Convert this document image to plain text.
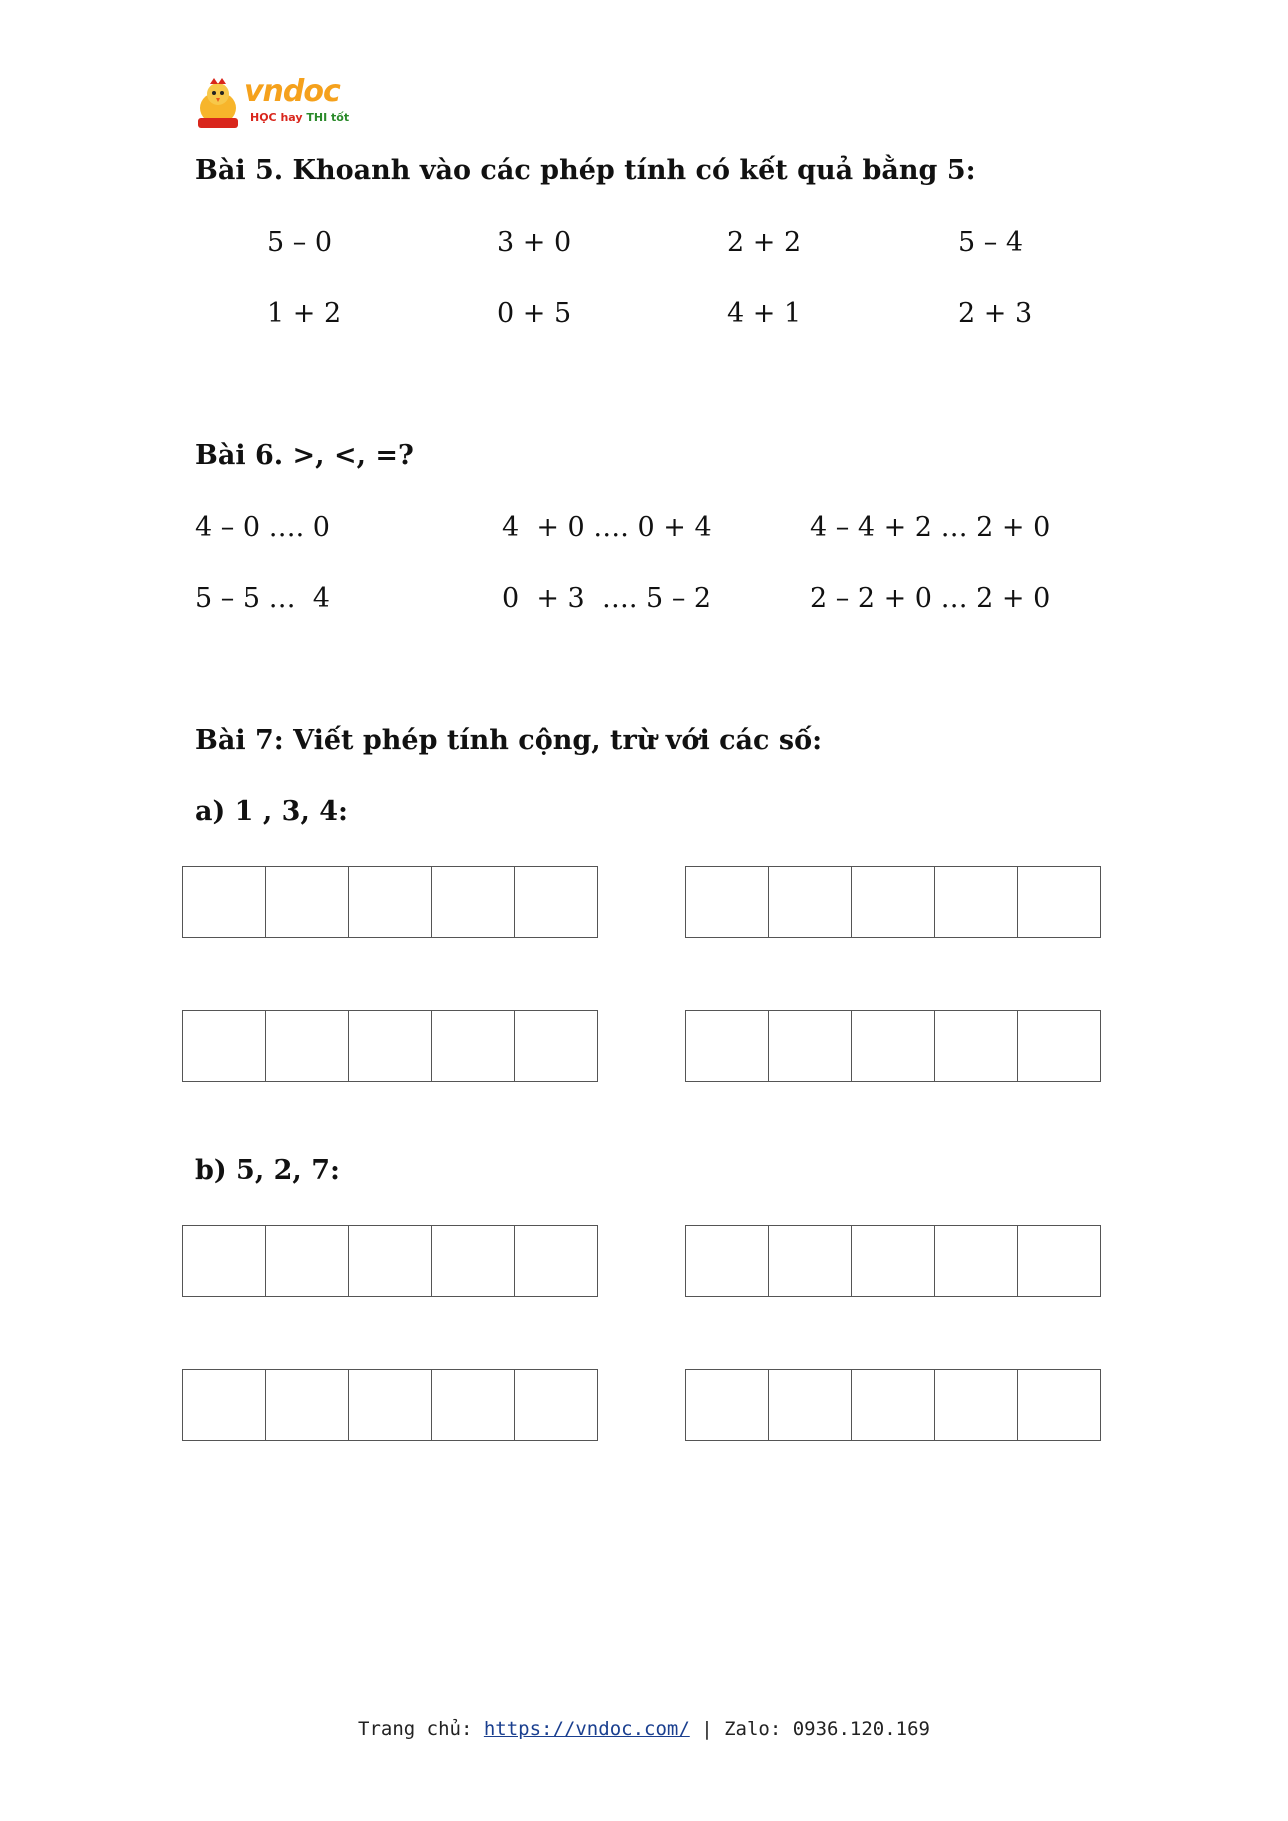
vndoc
HỌC hay THI tốt
Bài 5. Khoanh vào các phép tính có kết quả bằng 5:
5 – 0	3 + 0	2 + 2	5 – 4
1 + 2	0 + 5	4 + 1	2 + 3
Bài 6. >, <, =?
4 – 0 …. 0	4  + 0 …. 0 + 4	4 – 4 + 2 … 2 + 0
5 – 5 …  4	0  + 3  …. 5 – 2	2 – 2 + 0 … 2 + 0
Bài 7: Viết phép tính cộng, trừ với các số:
a) 1 , 3, 4:
b) 5, 2, 7:
Trang chủ: https://vndoc.com/ | Zalo: 0936.120.169
